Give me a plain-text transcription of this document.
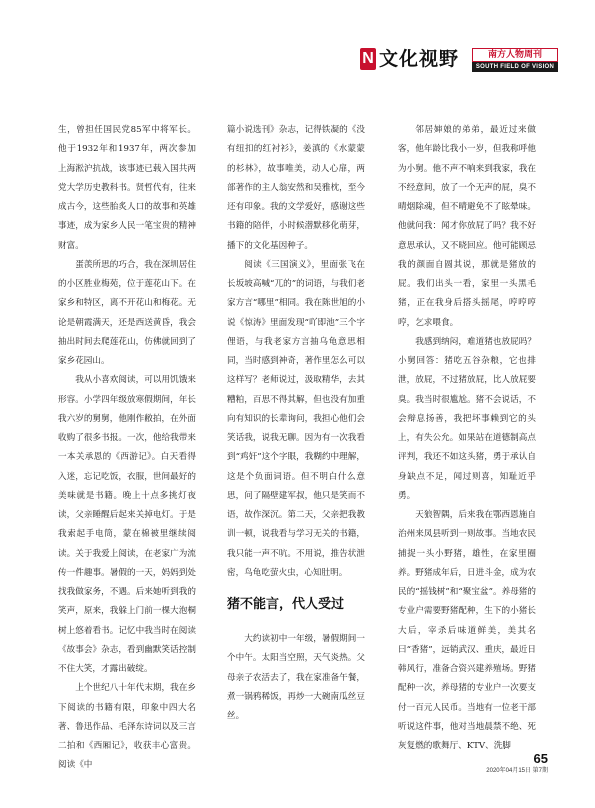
N 文化视野	南方人物周刊
SOUTH FIELD OF VISION

生，曾担任国民党85军中将军长。他于1932年和1937年，两次参加上海淞沪抗战，该事迹已载入国共两党大学历史教科书。贤哲代有，往来成古今，这些胎炙人口的故事和英雄事迹，成为家乡人民一笔宝贵的精神财富。

蛋羡所思的巧合，我在深圳居住的小区胜业梅苑，位于莲花山下。在家乡和特区，离不开花山和梅花。无论是朝霞满天，还是西送黄昏，我会抽出时间去爬莲花山，仿佛就回到了家乡花园山。

我从小喜欢阅读，可以用饥饿来形容。小学四年级放寒假期间，年长我六岁的舅舅，他刚作敝拍，在外面收购了很多书报。一次，他给我带来一本关承恩的《西游记》。白天看得入迷，忘记吃饭，衣服，世间最好的美味就是书籍。晚上十点多挑灯夜读，父亲睡醒后起来关掉电灯。于是我索起手电筒，蒙在棉被里继续阅读。关于我爱上阅读，在老家广为流传一件趣事。暑假的一天，妈妈到处找我做家务，不遇。后来她听到我的笑声，原来，我躲上门前一棵大泡桐树上悠着看书。记忆中我当时在阅读《故事会》杂志，看到幽默笑话控制不住大笑，才露出破绽。

上个世纪八十年代末期，我在乡下阅读的书籍有限，印象中四大名著、鲁迅作品、毛泽东诗词以及三言二拍和《西厢记》，收获丰心富贵。阅读《中

篇小说选刊》杂志，记得铁凝的《没有纽扣的红衬衫》，姜滇的《水蒙蒙的杉林》，故事唯美，动人心扉，两部著作的主人翁安然和吴雅枕，至今还有印象。我的文学爱好，感谢这些书籍的陪伴，小时候潜默移化萌芽，播下的文化基因种子。

阅读《三国演义》，里面张飞在长坂坡高喊“兀的”的词语，与我们老家方言“哪里”相同。我在陈世旭的小说《惊涛》里面发现“吖即池”三个字俚语，与我老家方言抽乌龟意思相同，当时感到神奇，著作里怎么可以这样写？老师说过，汲取精华，去其糟粕，百思不得其解，但也没有加重向有知识的长辈询问，我担心他们会笑话我，说我无聊。因为有一次我看到“鸡奸”这个字眼，我糊约中理解，这是个负面词语。但不明白什么意思，问了隔壁建军叔，他只是笑而不语，故作深沉。第二天，父亲把我教训一顿，说我看与学习无关的书籍，我只能一声不吭。不用说，推告状泄密，鸟龟吃萤火虫，心知肚明。

猪不能言，代人受过

大约读初中一年级，暑假期间一个中午。太阳当空照，天气炎热。父母亲子农活去了，我在家准备午餐，煮一锅鸦稀饭，再炒一大碗南瓜丝豆丝。

邻居婶娘的弟弟，最近过来做客，他年龄比我小一岁，但我称呼他为小舅。他不声不响来到我家，我在不经意间，放了一个无声的屁，臭不晴烟除魂，但不晴避免不了眩晕味。他就问我：闻才你放屁了吗？我不好意思承认，又不晓回应。他可能顾忌我的颜面自圆其说，那就是猪放的屁。我们出头一看，家里一头黑毛猪，正在我身后搭头摇尾，哼哼哼哼，乞求喂食。

我感到纳闷，难道猪也放屁吗？小舅回答：猪吃五谷杂粮，它也排泄，放屁，不过猪放屁，比人放屁要臭。我当时很尴尬。猪不会说话，不会辩息扬善，我把坏事赖到它的头上，有失公允。如果站在道德制高点评判，我还不如这头猪，勇于承认自身缺点不足，闻过则喜，知耻近乎勇。

天狼智隅，后来我在鄂西恩施自治州来凤县听到一则故事。当地农民捕捉一头小野猪，雄性，在家里圈养。野猪成年后，日进斗金，成为农民的“摇钱树”和“聚宝盆”。养母猪的专业户需要野猪配种，生下的小猪长大后，宰杀后味道鲜美，美其名曰“香猪”，远销武汉、重庆，最近日韩风行，准备合资兴建养殖场。野猪配种一次，养母猪的专业户一次要支付一百元人民币。当地有一位老干部听说这件事，他对当地晨禁不绝、死灰复燃的歌舞厅、KTV、洗脚

65
2020年04月15日 第7期
